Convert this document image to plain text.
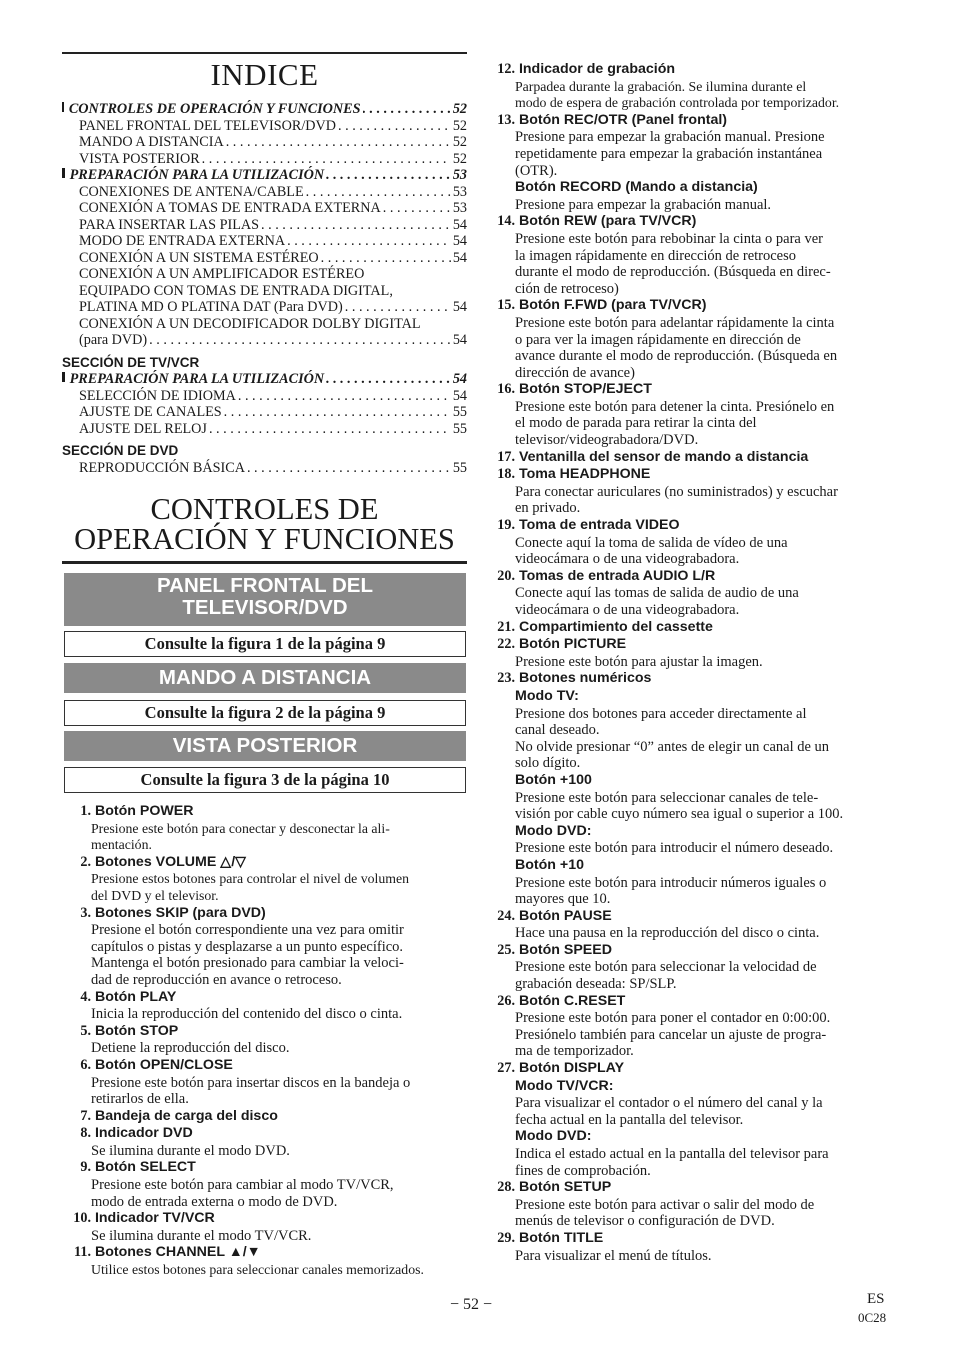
INDICE
CONTROLES DE OPERACIÓN Y FUNCIONES . . .	52
PANEL FRONTAL DEL TELEVISOR/DVD . . .	52
MANDO A DISTANCIA . . .	52
VISTA POSTERIOR . . .	52
PREPARACIÓN PARA LA UTILIZACIÓN . . .	53
CONEXIONES DE ANTENA/CABLE . . .	53
CONEXIÓN A TOMAS DE ENTRADA EXTERNA . . .	53
PARA INSERTAR LAS PILAS . . .	54
MODO DE ENTRADA EXTERNA . . .	54
CONEXIÓN A UN SISTEMA ESTÉREO . . .	54
CONEXIÓN A UN AMPLIFICADOR ESTÉREO
EQUIPADO CON TOMAS DE ENTRADA DIGITAL,
PLATINA MD O PLATINA DAT (Para DVD) . . .	54
CONEXIÓN A UN DECODIFICADOR DOLBY DIGITAL
(para DVD) . . .	54
SECCIÓN DE TV/VCR
PREPARACIÓN PARA LA UTILIZACIÓN . . .	54
SELECCIÓN DE IDIOMA . . .	54
AJUSTE DE CANALES . . .	55
AJUSTE DEL RELOJ . . .	55
SECCIÓN DE DVD
REPRODUCCIÓN BÁSICA . . .	55
CONTROLES DE
OPERACIÓN Y FUNCIONES
PANEL FRONTAL DEL
TELEVISOR/DVD
Consulte la figura 1 de la página 9
MANDO A DISTANCIA
Consulte la figura 2 de la página 9
VISTA POSTERIOR
Consulte la figura 3 de la página 10
1. Botón POWER
Presione este botón para conectar y desconectar la ali-
mentación.
2. Botones VOLUME △/▽
Presione estos botones para controlar el nivel de volumen
del DVD y el televisor.
3. Botones SKIP (para DVD)
Presione el botón correspondiente una vez para omitir
capítulos o pistas y desplazarse a un punto específico.
Mantenga el botón presionado para cambiar la veloci-
dad de reproducción en avance o retroceso.
4. Botón PLAY
Inicia la reproducción del contenido del disco o cinta.
5. Botón STOP
Detiene la reproducción del disco.
6. Botón OPEN/CLOSE
Presione este botón para insertar discos en la bandeja o
retirarlos de ella.
7. Bandeja de carga del disco
8. Indicador DVD
Se ilumina durante el modo DVD.
9. Botón SELECT
Presione este botón para cambiar al modo TV/VCR,
modo de entrada externa o modo de DVD.
10. Indicador TV/VCR
Se ilumina durante el modo TV/VCR.
11. Botones CHANNEL ▲/▼
Utilice estos botones para seleccionar canales memorizados.
12. Indicador de grabación
Parpadea durante la grabación. Se ilumina durante el
modo de espera de grabación controlada por temporizador.
13. Botón REC/OTR (Panel frontal)
Presione para empezar la grabación manual. Presione
repetidamente para empezar la grabación instantánea
(OTR).
Botón RECORD (Mando a distancia)
Presione para empezar la grabación manual.
14. Botón REW (para TV/VCR)
Presione este botón para rebobinar la cinta o para ver
la imagen rápidamente en dirección de retroceso
durante el modo de reproducción. (Búsqueda en direc-
ción de retroceso)
15. Botón F.FWD (para TV/VCR)
Presione este botón para adelantar rápidamente la cinta
o para ver la imagen rápidamente en dirección de
avance durante el modo de reproducción. (Búsqueda en
dirección de avance)
16. Botón STOP/EJECT
Presione este botón para detener la cinta. Presiónelo en
el modo de parada para retirar la cinta del
televisor/videograbadora/DVD.
17. Ventanilla del sensor de mando a distancia
18. Toma HEADPHONE
Para conectar auriculares (no suministrados) y escuchar
en privado.
19. Toma de entrada VIDEO
Conecte aquí la toma de salida de vídeo de una
videocámara o de una videograbadora.
20. Tomas de entrada AUDIO L/R
Conecte aquí las tomas de salida de audio de una
videocámara o de una videograbadora.
21. Compartimiento del cassette
22. Botón PICTURE
Presione este botón para ajustar la imagen.
23. Botones numéricos
Modo TV:
Presione dos botones para acceder directamente al
canal deseado.
No olvide presionar “0” antes de elegir un canal de un
solo dígito.
Botón +100
Presione este botón para seleccionar canales de tele-
visión por cable cuyo número sea igual o superior a 100.
Modo DVD:
Presione este botón para introducir el número deseado.
Botón +10
Presione este botón para introducir números iguales o
mayores que 10.
24. Botón PAUSE
Hace una pausa en la reproducción del disco o cinta.
25. Botón SPEED
Presione este botón para seleccionar la velocidad de
grabación deseada: SP/SLP.
26. Botón C.RESET
Presione este botón para poner el contador en 0:00:00.
Presiónelo también para cancelar un ajuste de progra-
ma de temporizador.
27. Botón DISPLAY
Modo TV/VCR:
Para visualizar el contador o el número del canal y la
fecha actual en la pantalla del televisor.
Modo DVD:
Indica el estado actual en la pantalla del televisor para
fines de comprobación.
28. Botón SETUP
Presione este botón para activar o salir del modo de
menús de televisor o configuración de DVD.
29. Botón TITLE
Para visualizar el menú de títulos.
− 52 −	ES
0C28
